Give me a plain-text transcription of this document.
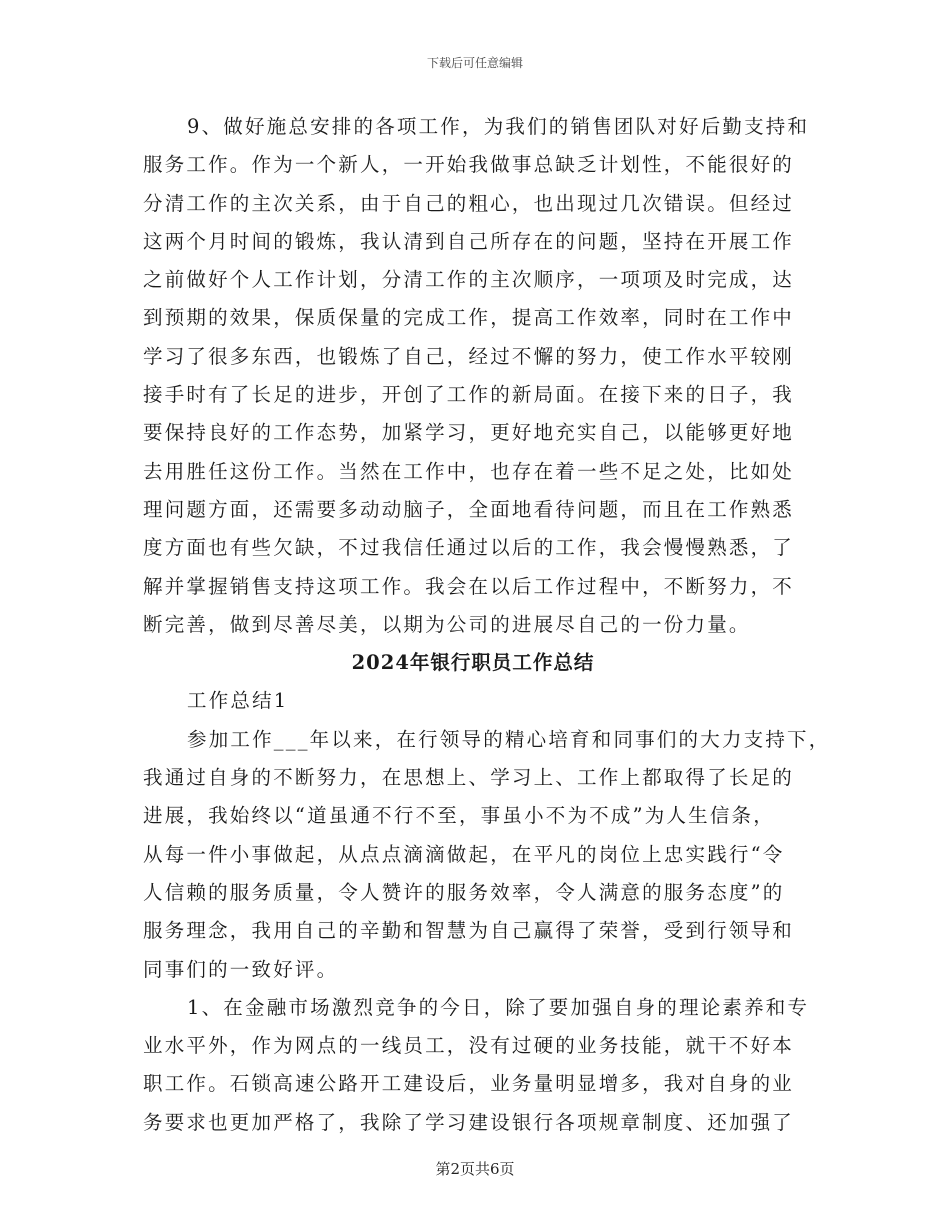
下载后可任意编辑
9、做好施总安排的各项工作，为我们的销售团队对好后勤支持和
服务工作。作为一个新人，一开始我做事总缺乏计划性，不能很好的
分清工作的主次关系，由于自己的粗心，也出现过几次错误。但经过
这两个月时间的锻炼，我认清到自己所存在的问题，坚持在开展工作
之前做好个人工作计划，分清工作的主次顺序，一项项及时完成，达
到预期的效果，保质保量的完成工作，提高工作效率，同时在工作中
学习了很多东西，也锻炼了自己，经过不懈的努力，使工作水平较刚
接手时有了长足的进步，开创了工作的新局面。在接下来的日子，我
要保持良好的工作态势，加紧学习，更好地充实自己，以能够更好地
去用胜任这份工作。当然在工作中，也存在着一些不足之处，比如处
理问题方面，还需要多动动脑子，全面地看待问题，而且在工作熟悉
度方面也有些欠缺，不过我信任通过以后的工作，我会慢慢熟悉，了
解并掌握销售支持这项工作。我会在以后工作过程中，不断努力，不
断完善，做到尽善尽美，以期为公司的进展尽自己的一份力量。
2024年银行职员工作总结
工作总结1
参加工作___年以来，在行领导的精心培育和同事们的大力支持下，
我通过自身的不断努力，在思想上、学习上、工作上都取得了长足的
进展，我始终以“道虽通不行不至，事虽小不为不成”为人生信条，
从每一件小事做起，从点点滴滴做起，在平凡的岗位上忠实践行“令
人信赖的服务质量，令人赞许的服务效率，令人满意的服务态度”的
服务理念，我用自己的辛勤和智慧为自己赢得了荣誉，受到行领导和
同事们的一致好评。
1、在金融市场激烈竞争的今日，除了要加强自身的理论素养和专
业水平外，作为网点的一线员工，没有过硬的业务技能，就干不好本
职工作。石锁高速公路开工建设后，业务量明显增多，我对自身的业
务要求也更加严格了，我除了学习建设银行各项规章制度、还加强了
第2页共6页
